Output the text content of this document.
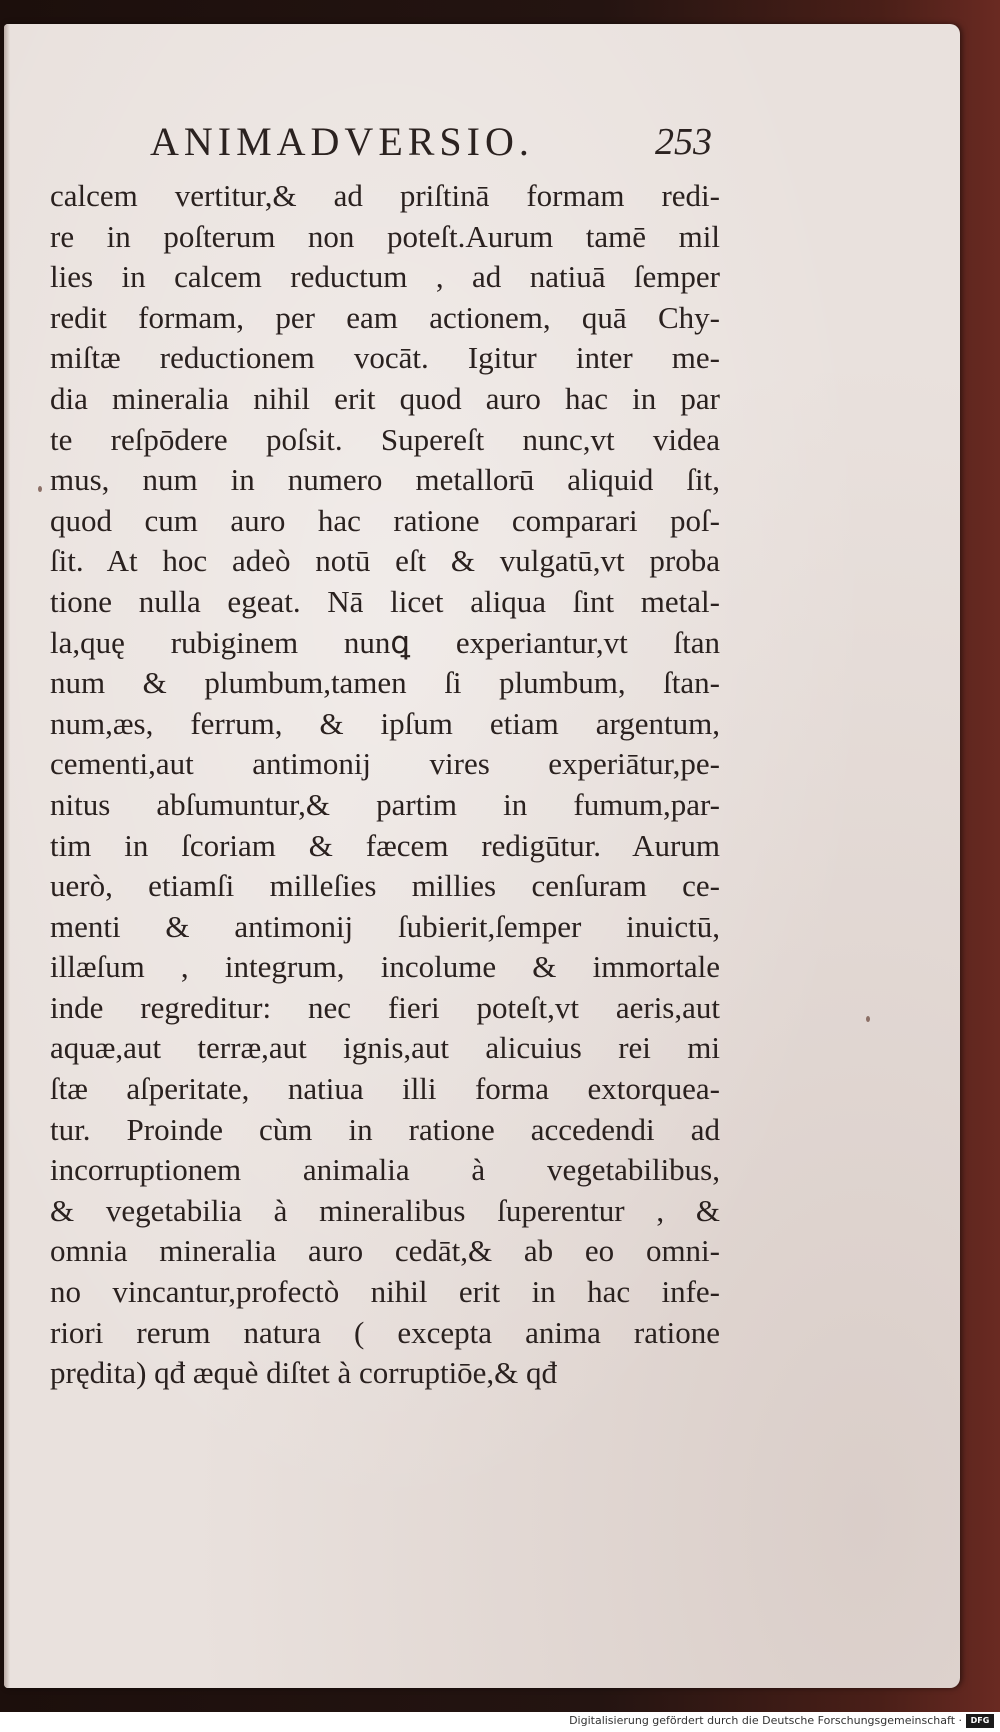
ANIMADVERSIO.	253
calcem vertitur,& ad priſtinā formam redi-
re in poſterum non poteſt.Aurum tamē mil
lies in calcem reductum , ad natiuā ſemper
redit formam, per eam actionem, quā Chy-
miſtæ reductionem vocāt. Igitur inter me-
dia mineralia nihil erit quod auro hac in par
te reſpōdere poſsit. Supereſt nunc,vt videa
mus, num in numero metallorū aliquid ſit,
quod cum auro hac ratione comparari poſ-
ſit. At hoc adeò notū eſt & vulgatū,vt proba
tione nulla egeat. Nā licet aliqua ſint metal-
la,quę rubiginem nunꝗ experiantur,vt ſtan
num & plumbum,tamen ſi plumbum, ſtan-
num,æs, ferrum, & ipſum etiam argentum,
cementi,aut antimonij vires experiātur,pe-
nitus abſumuntur,& partim in fumum,par-
tim in ſcoriam & fæcem redigūtur. Aurum
uerò, etiamſi milleſies millies cenſuram ce-
menti & antimonij ſubierit,ſemper inuictū,
illæſum , integrum, incolume & immortale
inde regreditur: nec fieri poteſt,vt aeris,aut
aquæ,aut terræ,aut ignis,aut alicuius rei mi
ſtæ aſperitate, natiua illi forma extorquea-
tur. Proinde cùm in ratione accedendi ad
incorruptionem animalia à vegetabilibus,
& vegetabilia à mineralibus ſuperentur , &
omnia mineralia auro cedāt,& ab eo omni-
no vincantur,profectò nihil erit in hac infe-
riori rerum natura ( excepta anima ratione
prędita) qđ æquè diſtet à corruptiōe,& qđ
Digitalisierung gefördert durch die Deutsche Forschungsgemeinschaft ·	DFG
